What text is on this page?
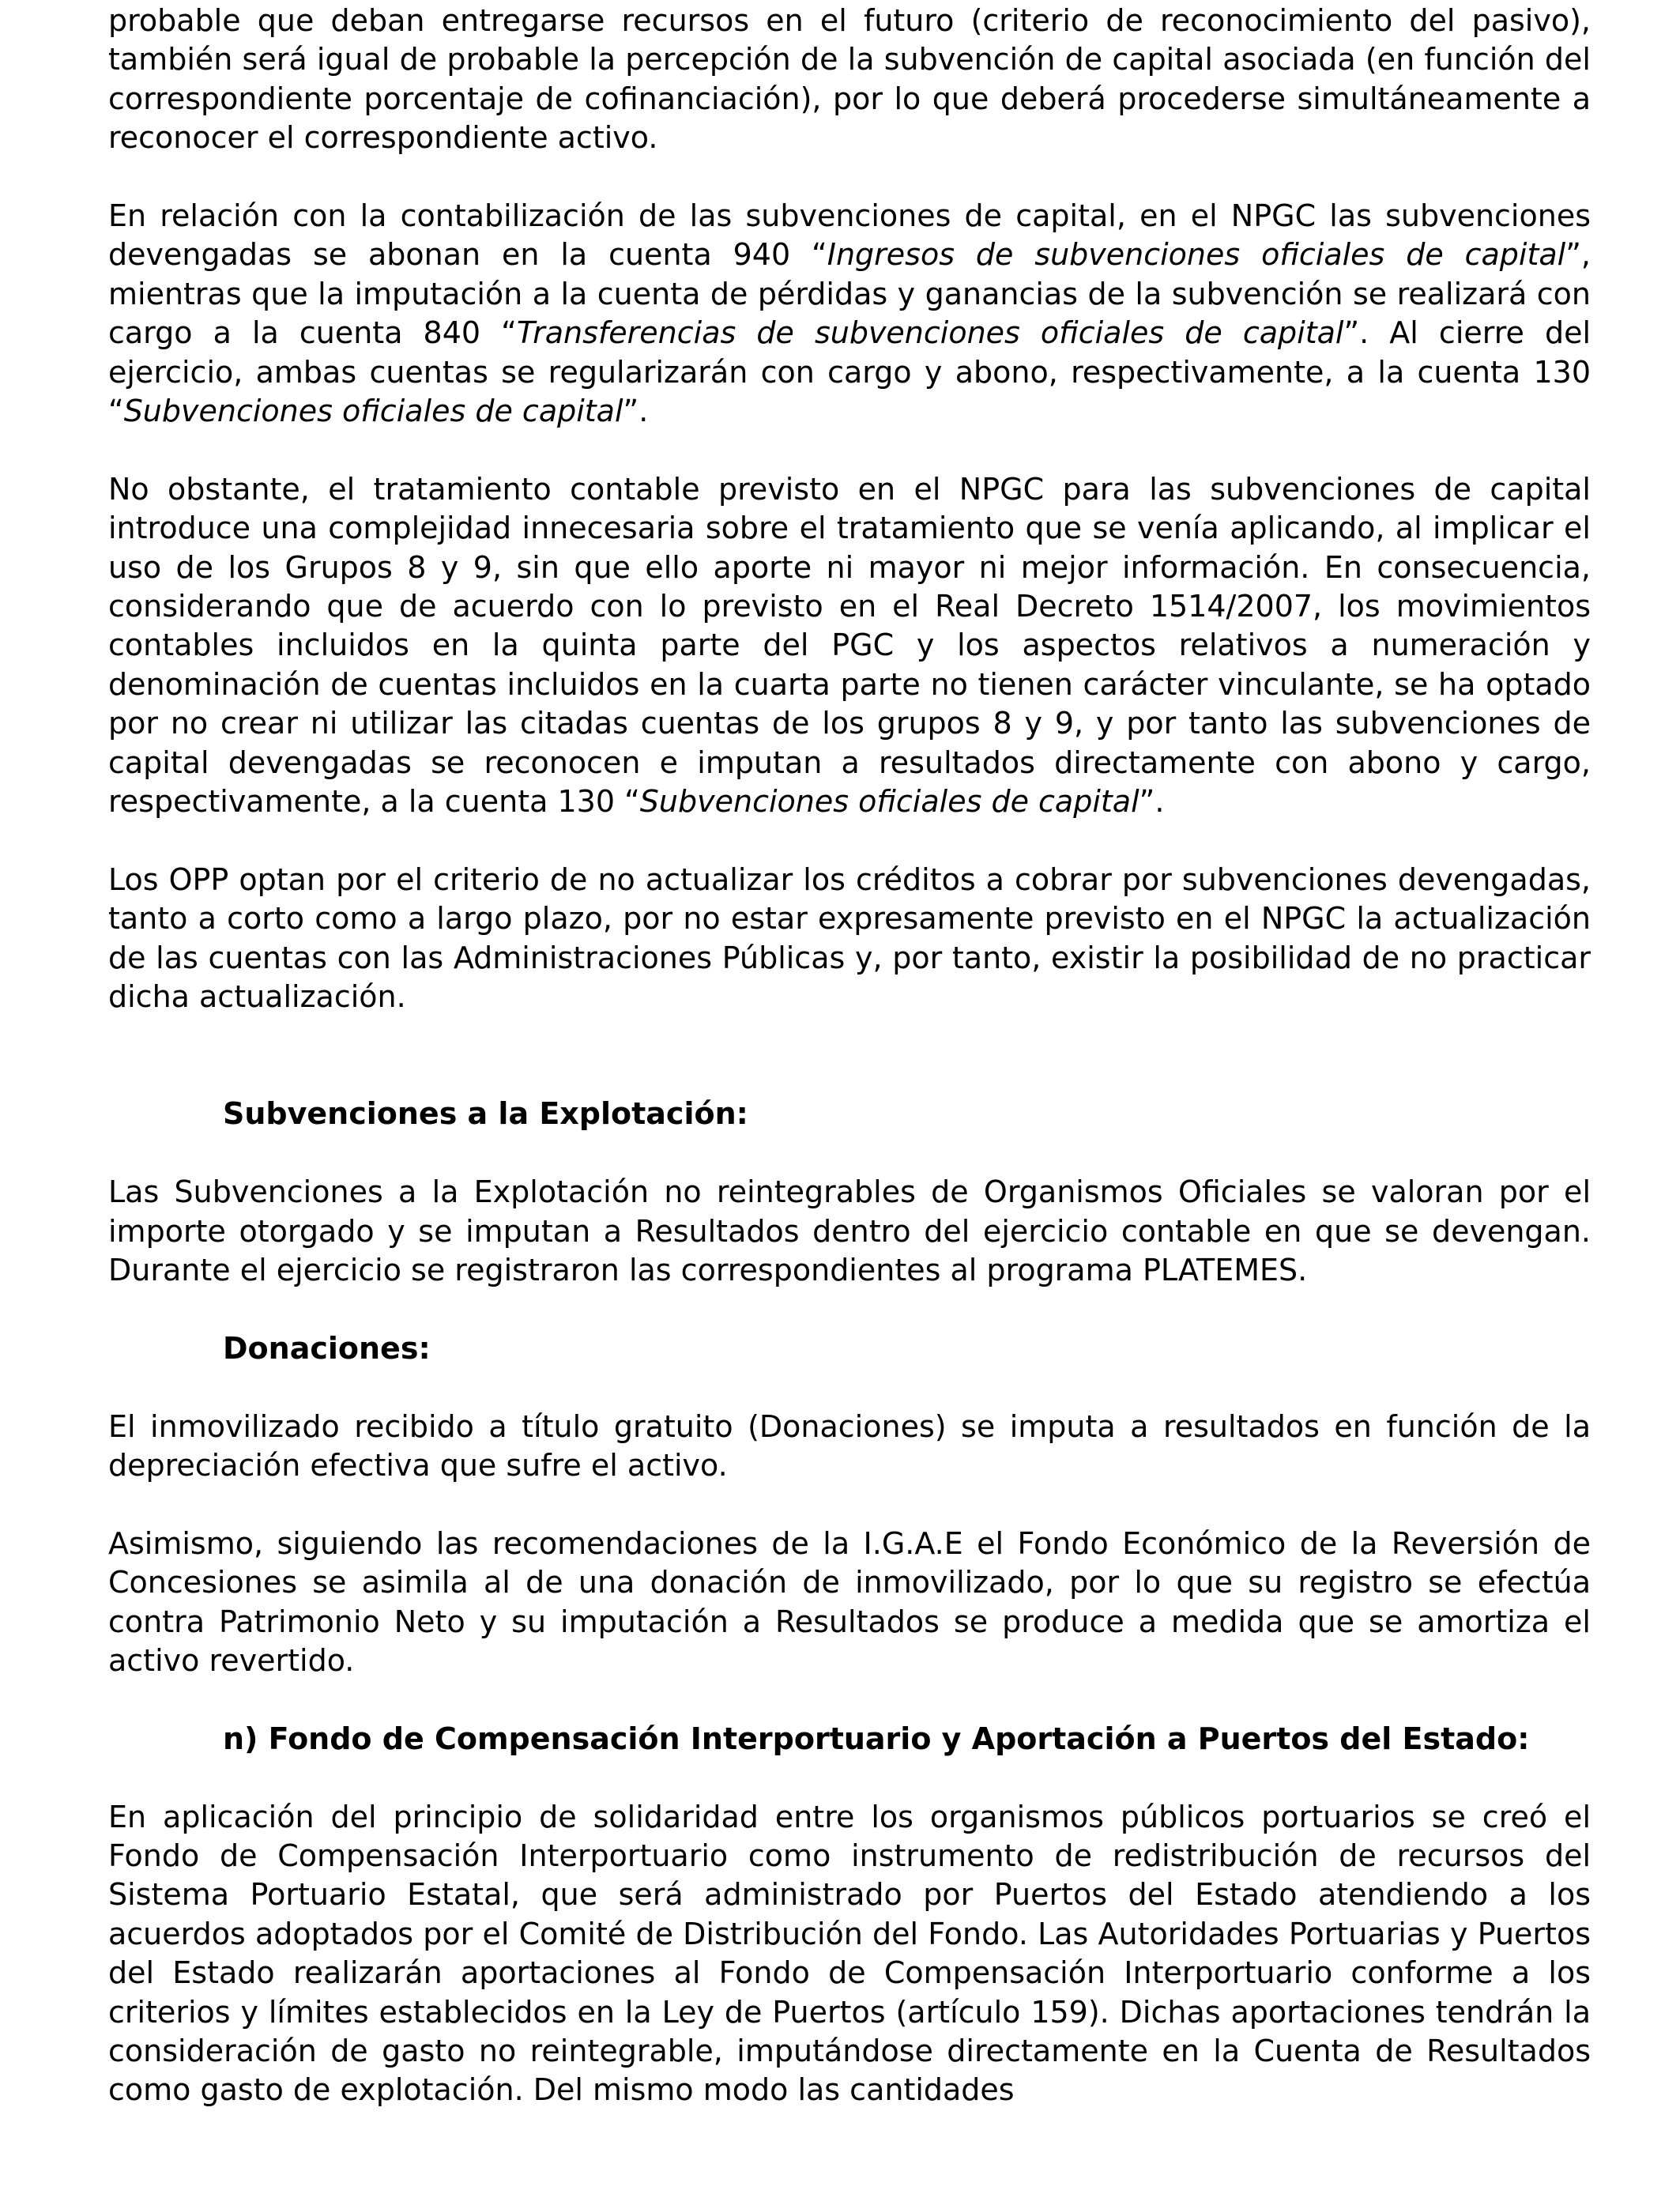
probable que deban entregarse recursos en el futuro (criterio de reconocimiento del pasivo), también será igual de probable la percepción de la subvención de capital asociada (en función del correspondiente porcentaje de cofinanciación), por lo que deberá procederse simultáneamente a reconocer el correspondiente activo.

En relación con la contabilización de las subvenciones de capital, en el NPGC las subvenciones devengadas se abonan en la cuenta 940 “Ingresos de subvenciones oficiales de capital”, mientras que la imputación a la cuenta de pérdidas y ganancias de la subvención se realizará con cargo a la cuenta 840 “Transferencias de subvenciones oficiales de capital”. Al cierre del ejercicio, ambas cuentas se regularizarán con cargo y abono, respectivamente, a la cuenta 130 “Subvenciones oficiales de capital”.

No obstante, el tratamiento contable previsto en el NPGC para las subvenciones de capital introduce una complejidad innecesaria sobre el tratamiento que se venía aplicando, al implicar el uso de los Grupos 8 y 9, sin que ello aporte ni mayor ni mejor información. En consecuencia, considerando que de acuerdo con lo previsto en el Real Decreto 1514/2007, los movimientos contables incluidos en la quinta parte del PGC y los aspectos relativos a numeración y denominación de cuentas incluidos en la cuarta parte no tienen carácter vinculante, se ha optado por no crear ni utilizar las citadas cuentas de los grupos 8 y 9, y por tanto las subvenciones de capital devengadas se reconocen e imputan a resultados directamente con abono y cargo, respectivamente, a la cuenta 130 “Subvenciones oficiales de capital”.

Los OPP optan por el criterio de no actualizar los créditos a cobrar por subvenciones devengadas, tanto a corto como a largo plazo, por no estar expresamente previsto en el NPGC la actualización de las cuentas con las Administraciones Públicas y, por tanto, existir la posibilidad de no practicar dicha actualización.

Subvenciones a la Explotación:

Las Subvenciones a la Explotación no reintegrables de Organismos Oficiales se valoran por el importe otorgado y se imputan a Resultados dentro del ejercicio contable en que se devengan. Durante el ejercicio se registraron las correspondientes al programa PLATEMES.

Donaciones:

El inmovilizado recibido a título gratuito (Donaciones) se imputa a resultados en función de la depreciación efectiva que sufre el activo.

Asimismo, siguiendo las recomendaciones de la I.G.A.E el Fondo Económico de la Reversión de Concesiones se asimila al de una donación de inmovilizado, por lo que su registro se efectúa contra Patrimonio Neto y su imputación a Resultados se produce a medida que se amortiza el activo revertido.

n) Fondo de Compensación Interportuario y Aportación a Puertos del Estado:

En aplicación del principio de solidaridad entre los organismos públicos portuarios se creó el Fondo de Compensación Interportuario como instrumento de redistribución de recursos del Sistema Portuario Estatal, que será administrado por Puertos del Estado atendiendo a los acuerdos adoptados por el Comité de Distribución del Fondo. Las Autoridades Portuarias y Puertos del Estado realizarán aportaciones al Fondo de Compensación Interportuario conforme a los criterios y límites establecidos en la Ley de Puertos (artículo 159). Dichas aportaciones tendrán la consideración de gasto no reintegrable, imputándose directamente en la Cuenta de Resultados como gasto de explotación. Del mismo modo las cantidades
